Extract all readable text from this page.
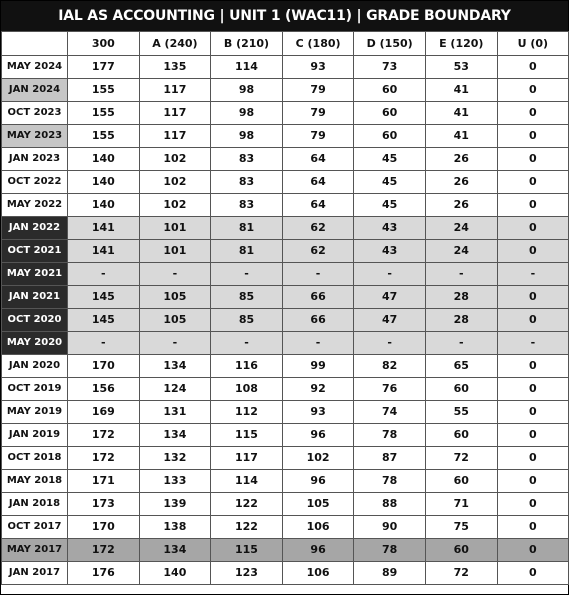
IAL AS ACCOUNTING | UNIT 1 (WAC11) | GRADE BOUNDARY
	300	A (240)	B (210)	C (180)	D (150)	E (120)	U (0)
MAY 2024	177	135	114	93	73	53	0
JAN 2024	155	117	98	79	60	41	0
OCT 2023	155	117	98	79	60	41	0
MAY 2023	155	117	98	79	60	41	0
JAN 2023	140	102	83	64	45	26	0
OCT 2022	140	102	83	64	45	26	0
MAY 2022	140	102	83	64	45	26	0
JAN 2022	141	101	81	62	43	24	0
OCT 2021	141	101	81	62	43	24	0
MAY 2021	-	-	-	-	-	-	-
JAN 2021	145	105	85	66	47	28	0
OCT 2020	145	105	85	66	47	28	0
MAY 2020	-	-	-	-	-	-	-
JAN 2020	170	134	116	99	82	65	0
OCT 2019	156	124	108	92	76	60	0
MAY 2019	169	131	112	93	74	55	0
JAN 2019	172	134	115	96	78	60	0
OCT 2018	172	132	117	102	87	72	0
MAY 2018	171	133	114	96	78	60	0
JAN 2018	173	139	122	105	88	71	0
OCT 2017	170	138	122	106	90	75	0
MAY 2017	172	134	115	96	78	60	0
JAN 2017	176	140	123	106	89	72	0
